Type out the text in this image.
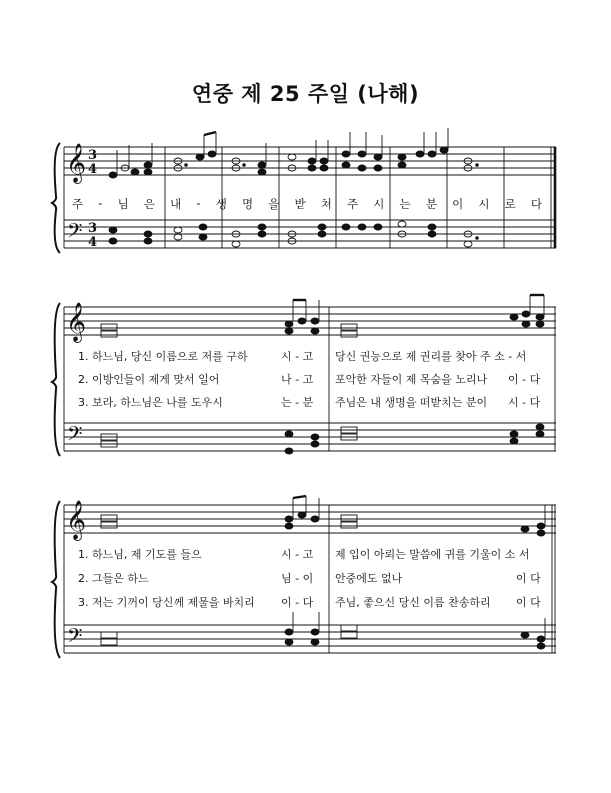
연중 제 25 주일 (나해)
𝄞
𝄢
𝄞
𝄢
𝄞
𝄢
3
4
3
4
주 - 님 은 내 - 생 명 을 받 쳐 주 시 는 분 이 시 로 다
1. 하느님, 당신 이름으로 저를 구하	시 - 고 당신 권능으로 제 권리를 찾아 주 소 - 서
2. 이방인들이 제게 맞서 일어	나 - 고 포악한 자들이 제 목숨을 노리나 이 - 다
3. 보라, 하느님은 나를 도우시	는 - 분 주님은 내 생명을 떠받치는 분이 시 - 다
1. 하느님, 제 기도를 들으	시 - 고 제 입이 아뢰는 말씀에 귀를 기울이 소 서
2. 그들은 하느	님 - 이 안중에도 없나	이 다
3. 저는 기꺼이 당신께 제물을 바치리 이 - 다 주님, 좋으신 당신 이름 찬송하리 이 다
